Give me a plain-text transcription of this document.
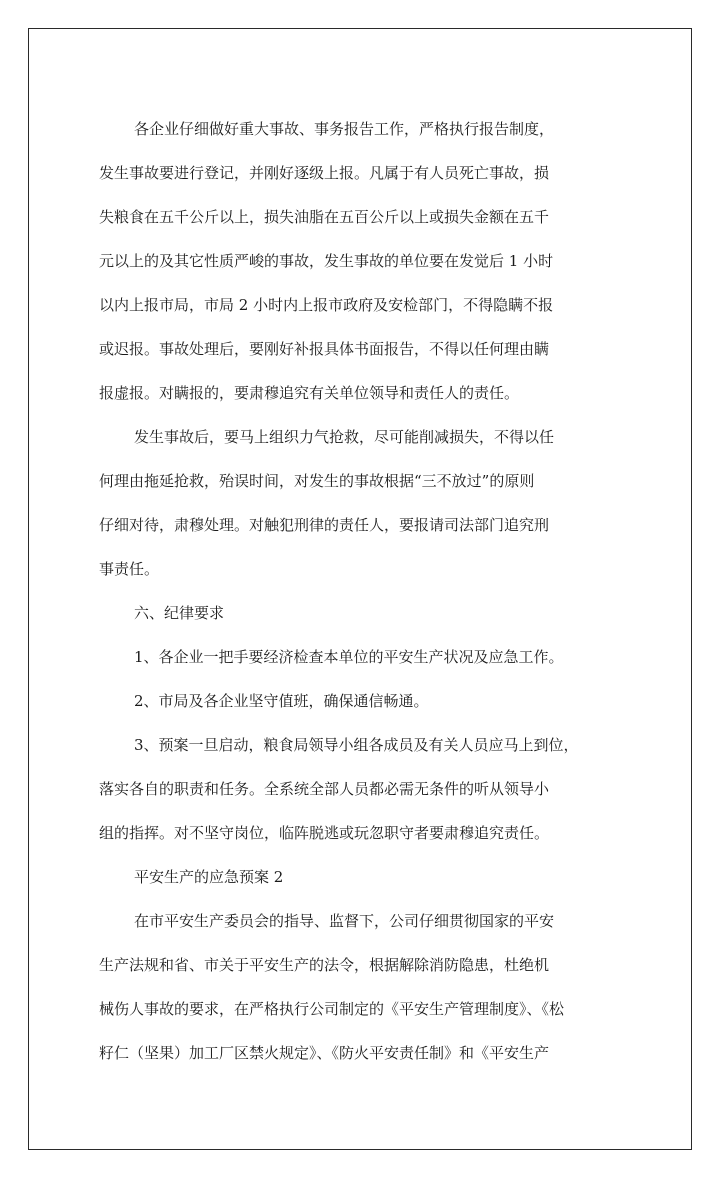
各企业仔细做好重大事故、事务报告工作，严格执行报告制度，
发生事故要进行登记，并刚好逐级上报。凡属于有人员死亡事故，损
失粮食在五千公斤以上，损失油脂在五百公斤以上或损失金额在五千
元以上的及其它性质严峻的事故，发生事故的单位要在发觉后 1 小时
以内上报市局，市局 2 小时内上报市政府及安检部门，不得隐瞒不报
或迟报。事故处理后，要刚好补报具体书面报告，不得以任何理由瞒
报虚报。对瞒报的，要肃穆追究有关单位领导和责任人的责任。
发生事故后，要马上组织力气抢救，尽可能削减损失，不得以任
何理由拖延抢救，殆误时间，对发生的事故根据“三不放过”的原则
仔细对待，肃穆处理。对触犯刑律的责任人，要报请司法部门追究刑
事责任。
六、纪律要求
1、各企业一把手要经济检查本单位的平安生产状况及应急工作。
2、市局及各企业坚守值班，确保通信畅通。
3、预案一旦启动，粮食局领导小组各成员及有关人员应马上到位，
落实各自的职责和任务。全系统全部人员都必需无条件的听从领导小
组的指挥。对不坚守岗位，临阵脱逃或玩忽职守者要肃穆追究责任。
平安生产的应急预案 2
在市平安生产委员会的指导、监督下，公司仔细贯彻国家的平安
生产法规和省、市关于平安生产的法令，根据解除消防隐患，杜绝机
械伤人事故的要求，在严格执行公司制定的《平安生产管理制度》、《松
籽仁（坚果）加工厂区禁火规定》、《防火平安责任制》和《平安生产
